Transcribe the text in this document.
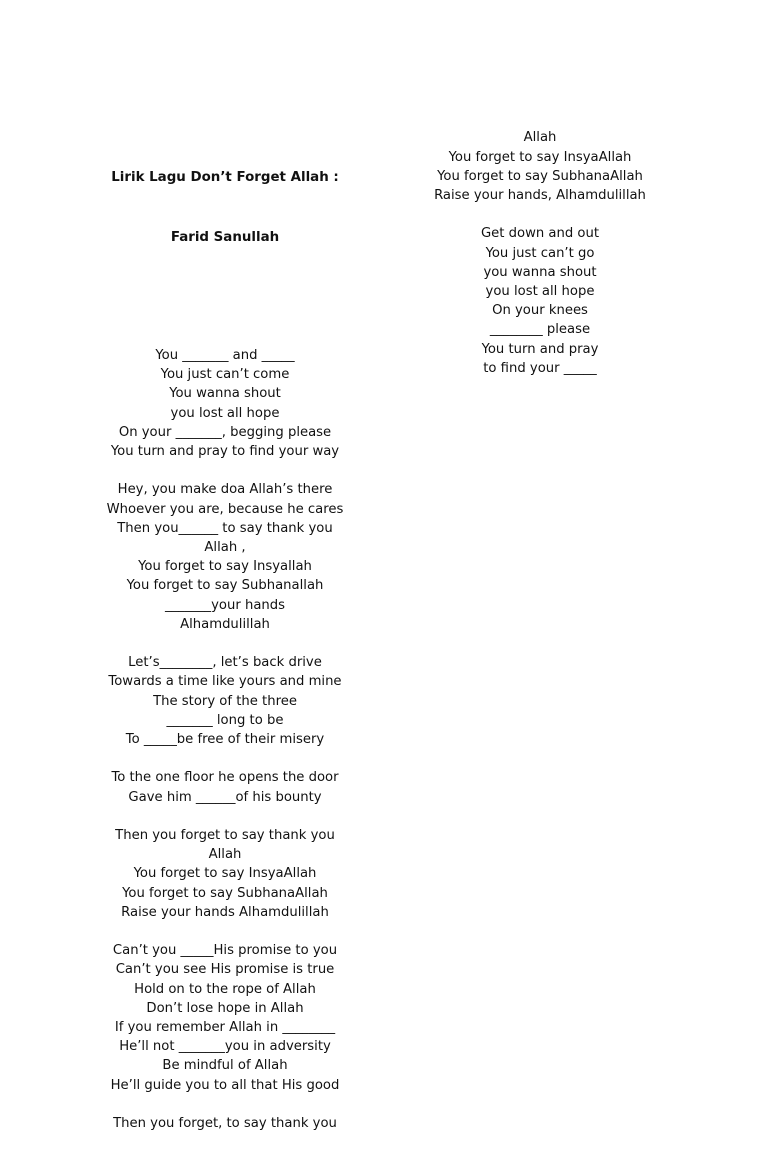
Lirik Lagu Don’t Forget Allah :

Farid Sanullah

You _______ and _____
You just can’t come
You wanna shout
you lost all hope
On your _______, begging please
You turn and pray to find your way
Hey, you make doa Allah’s there
Whoever you are, because he cares
Then you______ to say thank you
Allah ,
You forget to say Insyallah
You forget to say Subhanallah
_______your hands
Alhamdulillah
Let’s________, let’s back drive
Towards a time like yours and mine
The story of the three
_______ long to be
To _____be free of their misery
To the one floor he opens the door
Gave him ______of his bounty
Then you forget to say thank you
Allah
You forget to say InsyaAllah
You forget to say SubhanaAllah
Raise your hands Alhamdulillah
Can’t you _____His promise to you
Can’t you see His promise is true
Hold on to the rope of Allah
Don’t lose hope in Allah
If you remember Allah in ________
He’ll not _______you in adversity
Be mindful of Allah
He’ll guide you to all that His good
Then you forget, to say thank you

Allah
You forget to say InsyaAllah
You forget to say SubhanaAllah
Raise your hands, Alhamdulillah
Get down and out
You just can’t go
you wanna shout
you lost all hope
On your knees
________ please
You turn and pray
to find your _____
